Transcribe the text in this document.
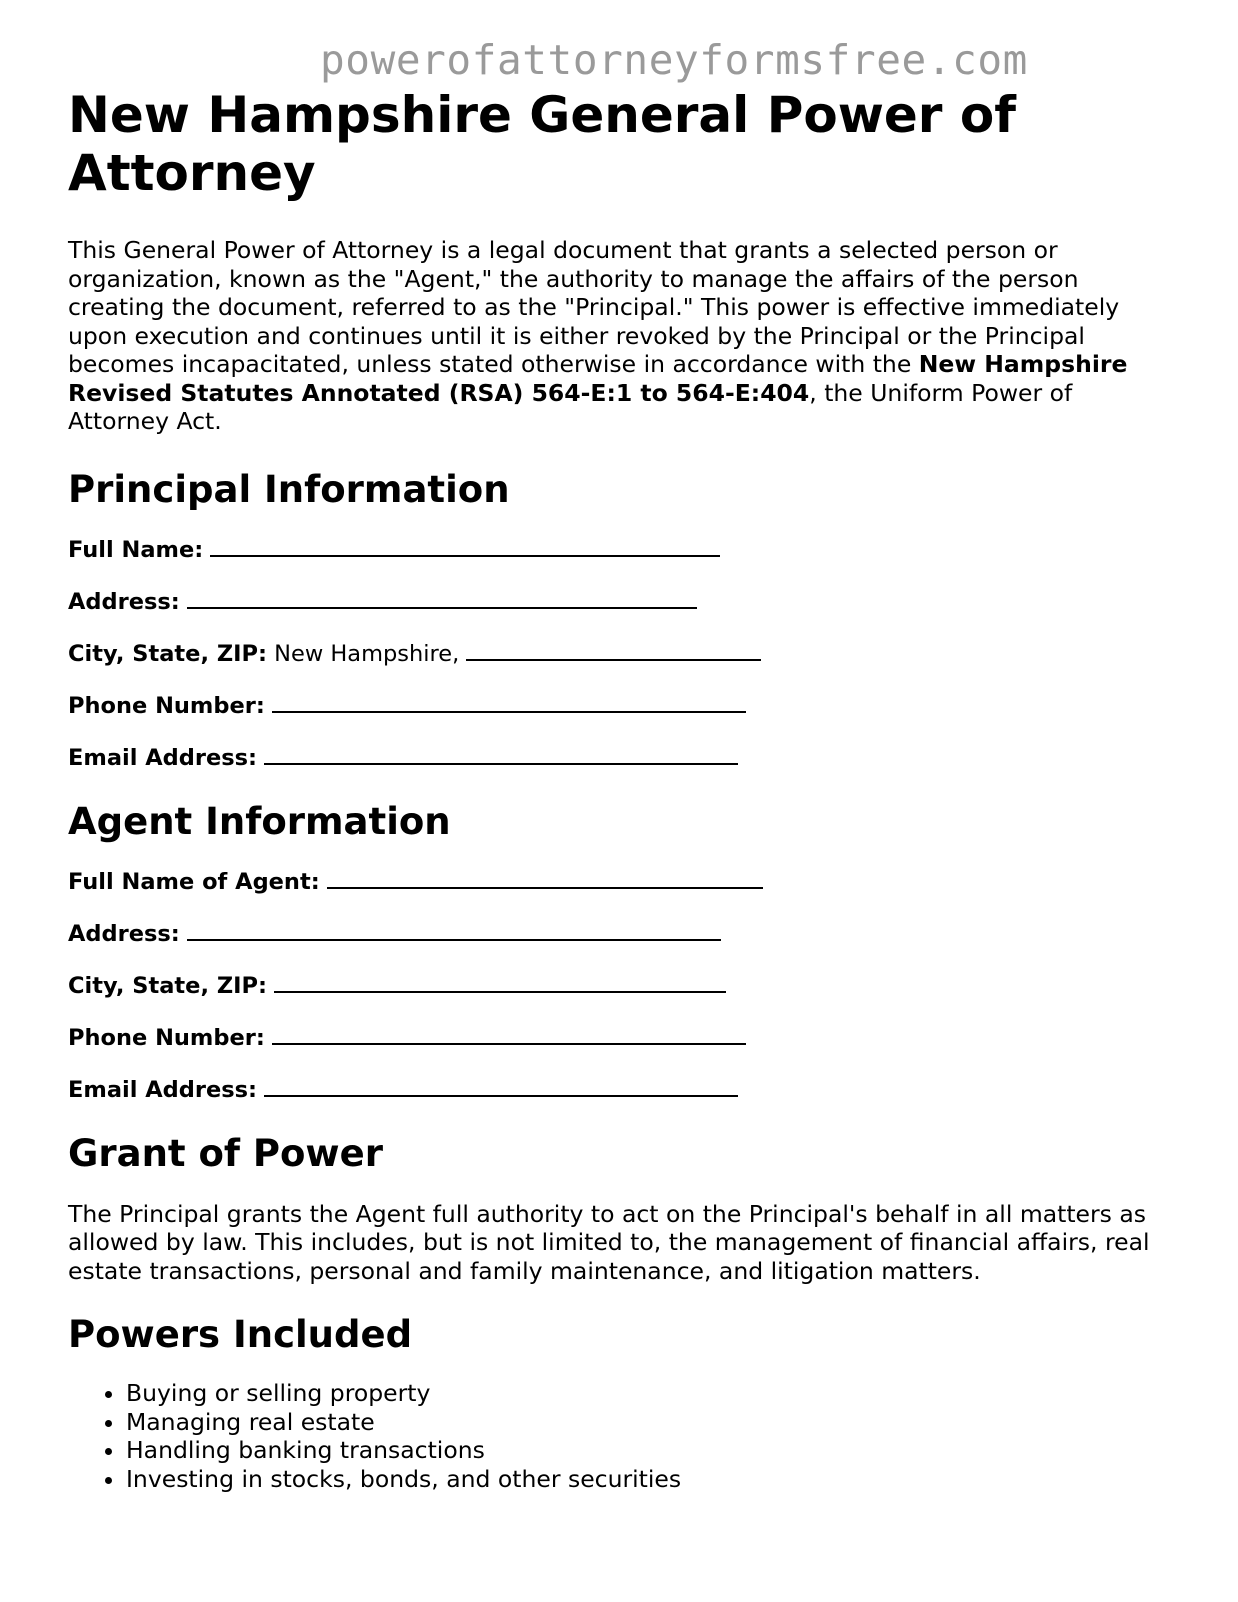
powerofattorneyformsfree.com
New Hampshire General Power of Attorney

This General Power of Attorney is a legal document that grants a selected person or organization, known as the "Agent," the authority to manage the affairs of the person creating the document, referred to as the "Principal." This power is effective immediately upon execution and continues until it is either revoked by the Principal or the Principal becomes incapacitated, unless stated otherwise in accordance with the New Hampshire Revised Statutes Annotated (RSA) 564-E:1 to 564-E:404, the Uniform Power of Attorney Act.

Principal Information
Full Name:
Address:
City, State, ZIP: New Hampshire,
Phone Number:
Email Address:
Agent Information
Full Name of Agent:
Address:
City, State, ZIP:
Phone Number:
Email Address:
Grant of Power

The Principal grants the Agent full authority to act on the Principal's behalf in all matters as allowed by law. This includes, but is not limited to, the management of financial affairs, real estate transactions, personal and family maintenance, and litigation matters.

Powers Included
• Buying or selling property
• Managing real estate
• Handling banking transactions
• Investing in stocks, bonds, and other securities
